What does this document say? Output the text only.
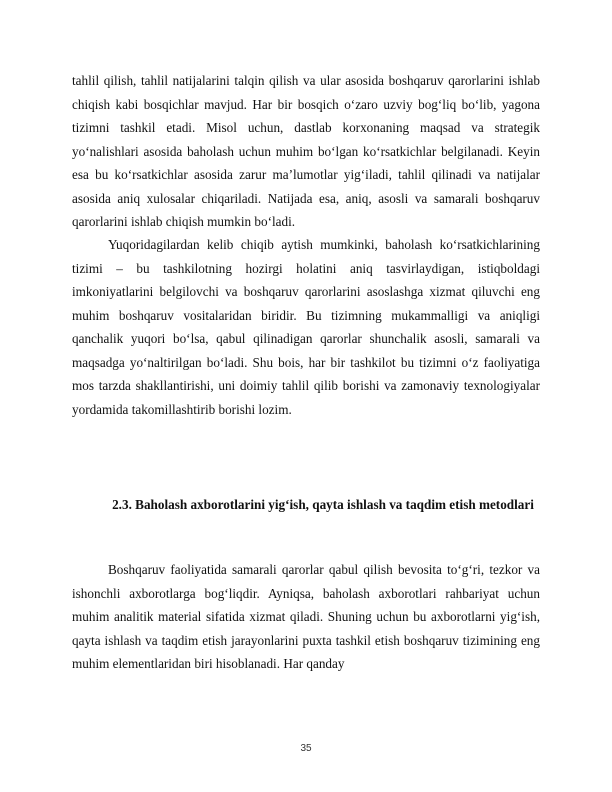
tahlil qilish, tahlil natijalarini talqin qilish va ular asosida boshqaruv qarorlarini ishlab chiqish kabi bosqichlar mavjud. Har bir bosqich o‘zaro uzviy bog‘liq bo‘lib, yagona tizimni tashkil etadi. Misol uchun, dastlab korxonaning maqsad va strategik yo‘nalishlari asosida baholash uchun muhim bo‘lgan ko‘rsatkichlar belgilanadi. Keyin esa bu ko‘rsatkichlar asosida zarur ma’lumotlar yig‘iladi, tahlil qilinadi va natijalar asosida aniq xulosalar chiqariladi. Natijada esa, aniq, asosli va samarali boshqaruv qarorlarini ishlab chiqish mumkin bo‘ladi.

Yuqoridagilardan kelib chiqib aytish mumkinki, baholash ko‘rsatkichlarining tizimi – bu tashkilotning hozirgi holatini aniq tasvirlaydigan, istiqboldagi imkoniyatlarini belgilovchi va boshqaruv qarorlarini asoslashga xizmat qiluvchi eng muhim boshqaruv vositalaridan biridir. Bu tizimning mukammalligi va aniqligi qanchalik yuqori bo‘lsa, qabul qilinadigan qarorlar shunchalik asosli, samarali va maqsadga yo‘naltirilgan bo‘ladi. Shu bois, har bir tashkilot bu tizimni o‘z faoliyatiga mos tarzda shakllantirishi, uni doimiy tahlil qilib borishi va zamonaviy texnologiyalar yordamida takomillashtirib borishi lozim.

2.3. Baholash axborotlarini yig‘ish, qayta ishlash va taqdim etish metodlari

Boshqaruv faoliyatida samarali qarorlar qabul qilish bevosita to‘g‘ri, tezkor va ishonchli axborotlarga bog‘liqdir. Ayniqsa, baholash axborotlari rahbariyat uchun muhim analitik material sifatida xizmat qiladi. Shuning uchun bu axborotlarni yig‘ish, qayta ishlash va taqdim etish jarayonlarini puxta tashkil etish boshqaruv tizimining eng muhim elementlaridan biri hisoblanadi. Har qanday

35
